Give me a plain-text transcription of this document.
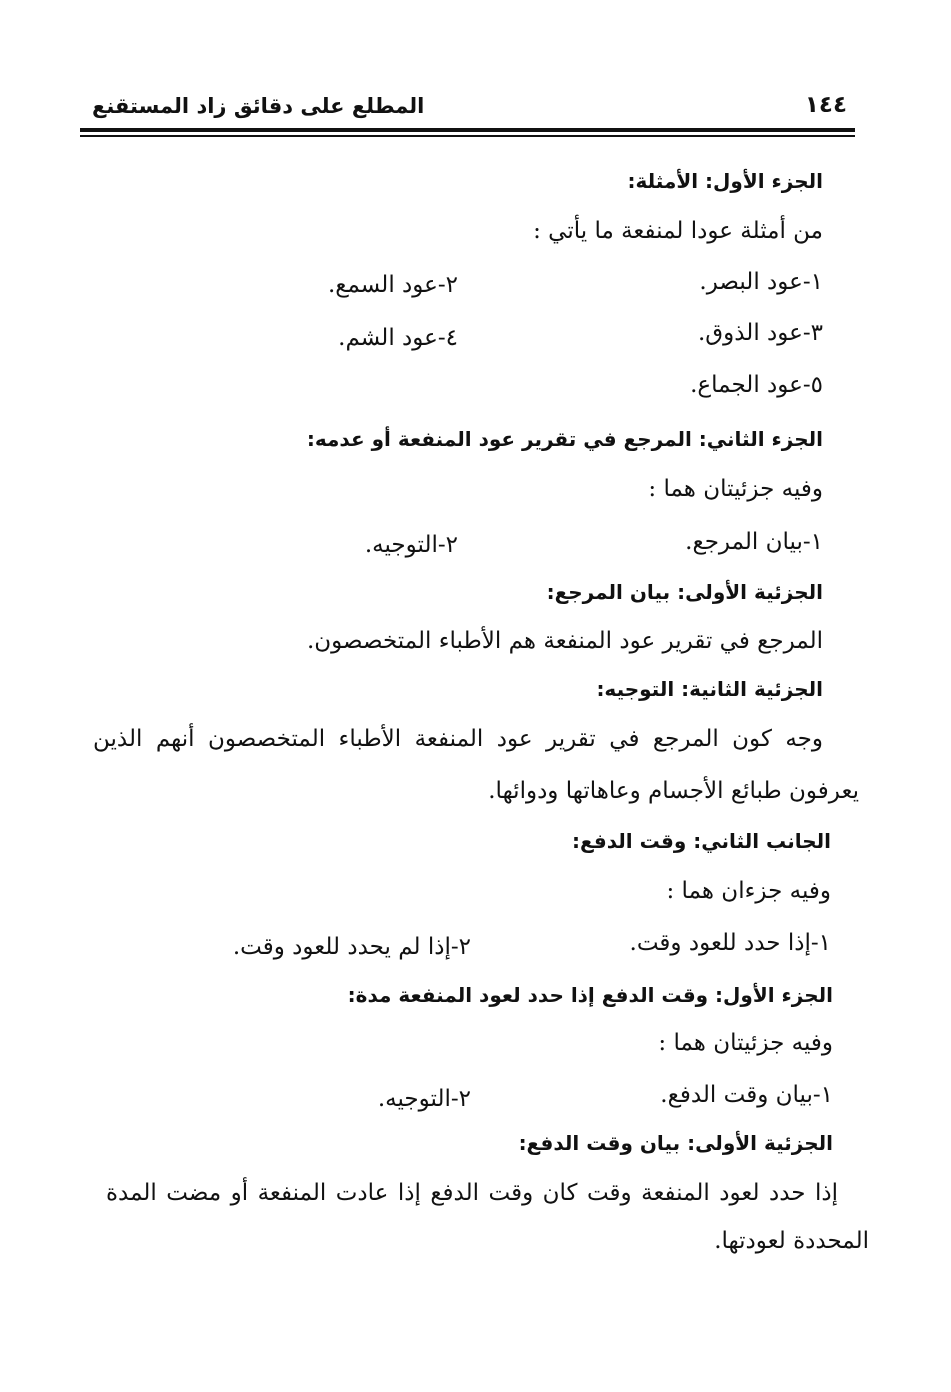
١٤٤
المطلع على دقائق زاد المستقنع
الجزء الأول: الأمثلة:
من أمثلة عودا لمنفعة ما يأتي :
١-عود البصر.
٢-عود السمع.
٣-عود الذوق.
٤-عود الشم.
٥-عود الجماع.
الجزء الثاني: المرجع في تقرير عود المنفعة أو عدمه:
وفيه جزئيتان هما :
١-بيان المرجع.
٢-التوجيه.
الجزئية الأولى: بيان المرجع:
المرجع في تقرير عود المنفعة هم الأطباء المتخصصون.
الجزئية الثانية: التوجيه:
وجه كون المرجع في تقرير عود المنفعة الأطباء المتخصصون أنهم الذين
يعرفون طبائع الأجسام وعاهاتها ودوائها.
الجانب الثاني: وقت الدفع:
وفيه جزءان هما :
١-إذا حدد للعود وقت.
٢-إذا لم يحدد للعود وقت.
الجزء الأول: وقت الدفع إذا حدد لعود المنفعة مدة:
وفيه جزئيتان هما :
١-بيان وقت الدفع.
٢-التوجيه.
الجزئية الأولى: بيان وقت الدفع:
إذا حدد لعود المنفعة وقت كان وقت الدفع إذا عادت المنفعة أو مضت المدة
المحددة لعودتها.
